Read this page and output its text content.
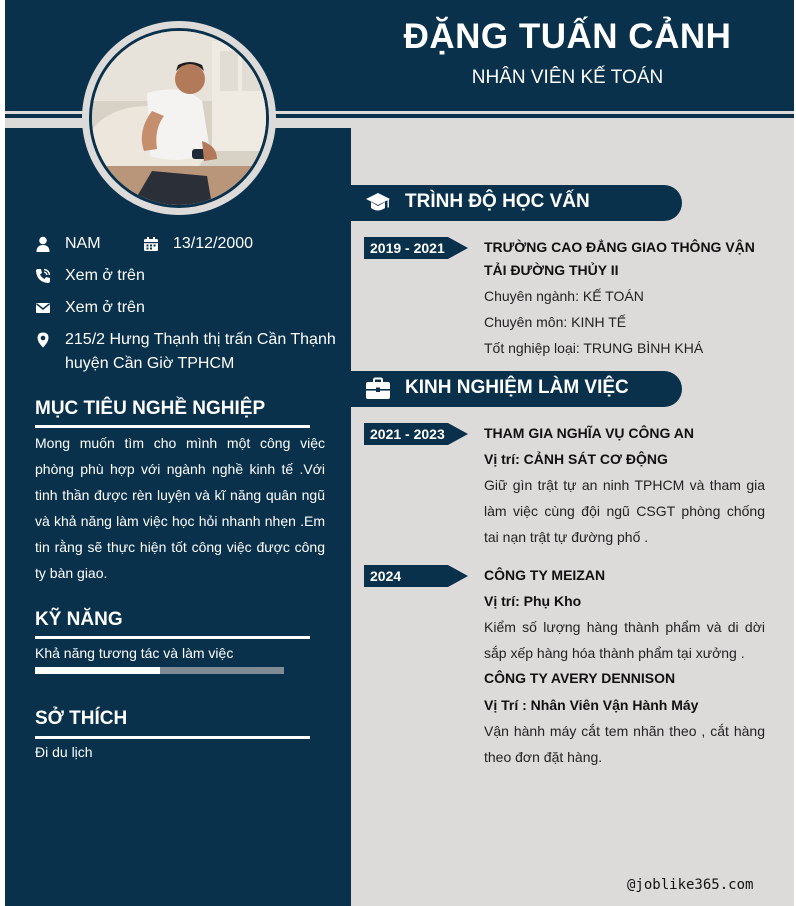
ĐẶNG TUẤN CẢNH
NHÂN VIÊN KẾ TOÁN
NAM	13/12/2000
Xem ở trên
Xem ở trên
215/2 Hưng Thạnh thị trấn Cần Thạnh
huyện Cần Giờ TPHCM
MỤC TIÊU NGHỀ NGHIỆP
Mong muốn tìm cho mình một công việc phòng phù hợp với ngành nghề kinh tế .Với tinh thần được rèn luyện và kĩ năng quân ngũ và khả năng làm việc học hỏi nhanh nhẹn .Em tin rằng sẽ thực hiện tốt công việc được công ty bàn giao.
KỸ NĂNG
Khả năng tương tác và làm việc
SỞ THÍCH
Đi du lịch
TRÌNH ĐỘ HỌC VẤN
2019 - 2021	TRƯỜNG CAO ĐẲNG GIAO THÔNG VẬN TẢI ĐƯỜNG THỦY II
Chuyên ngành: KẾ TOÁN
Chuyên môn: KINH TẾ
Tốt nghiệp loại: TRUNG BÌNH KHÁ
KINH NGHIỆM LÀM VIỆC
2021 - 2023	THAM GIA NGHĨA VỤ CÔNG AN
Vị trí: CẢNH SÁT CƠ ĐỘNG
Giữ gìn trật tự an ninh TPHCM và tham gia làm việc cùng đội ngũ CSGT phòng chống tai nạn trật tự đường phố .
2024	CÔNG TY MEIZAN
Vị trí: Phụ Kho
Kiểm số lượng hàng thành phẩm và di dời sắp xếp hàng hóa thành phẩm tại xưởng .
CÔNG TY AVERY DENNISON
Vị Trí : Nhân Viên Vận Hành Máy
Vận hành máy cắt tem nhãn theo , cắt hàng theo đơn đặt hàng.
@joblike365.com
